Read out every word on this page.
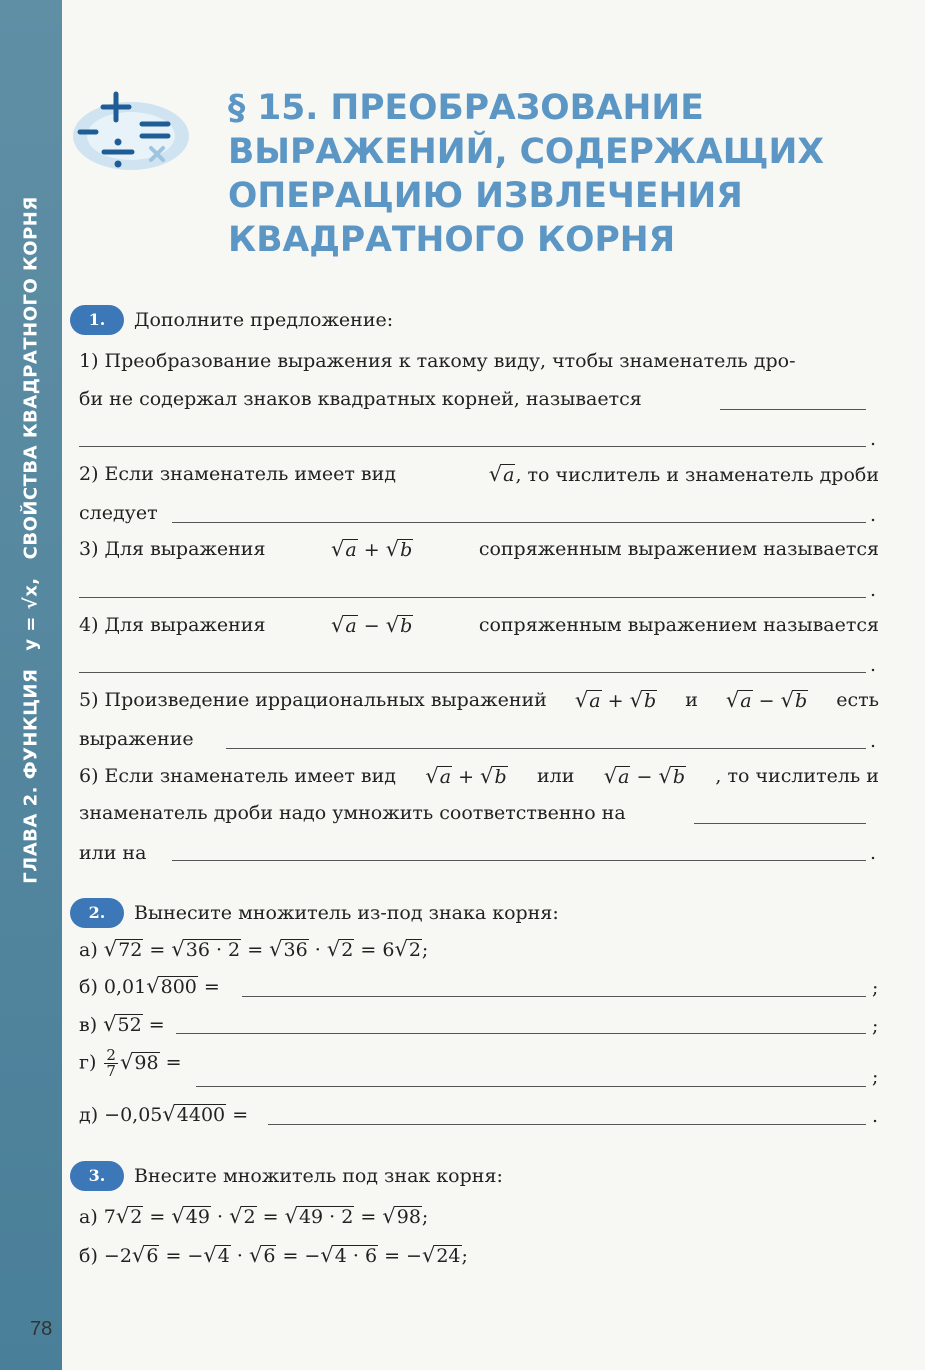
ГЛАВА 2. ФУНКЦИЯy = √x,СВОЙСТВА КВАДРАТНОГО КОРНЯ
78
§ 15. ПРЕОБРАЗОВАНИЕ
ВЫРАЖЕНИЙ, СОДЕРЖАЩИХ
ОПЕРАЦИЮ ИЗВЛЕЧЕНИЯ
КВАДРАТНОГО КОРНЯ
1.	Дополните предложение:
1) Преобразование выражения к такому виду, чтобы знаменатель дро-
би не содержал знаков квадратных корней, называется
.
2) Если знаменатель имеет вид	√a, то числитель и знаменатель дроби
следует	.
3) Для выражения	√a + √b	сопряженным выражением называется
.
4) Для выражения	√a − √b	сопряженным выражением называется
.
5) Произведение иррациональных выражений √a + √b и √a − √b есть
выражение	.
6) Если знаменатель имеет вид √a + √b или √a − √b , то числитель и
знаменатель дроби надо умножить соответственно на
или на	.
2.	Вынесите множитель из-под знака корня:
а) √72 = √36 · 2 = √36 · √2 = 6√2;
б) 0,01√800 =	;
в) √52 =	;
$г) \frac{2}{7} √98$ =
;
д) −0,05√4400 =	.
3.	Внесите множитель под знак корня:
а) 7√2 = √49 · √2 = √49 · 2 = √98;
б) −2√6 = −√4 · √6 = −√4 · 6 = −√24;
